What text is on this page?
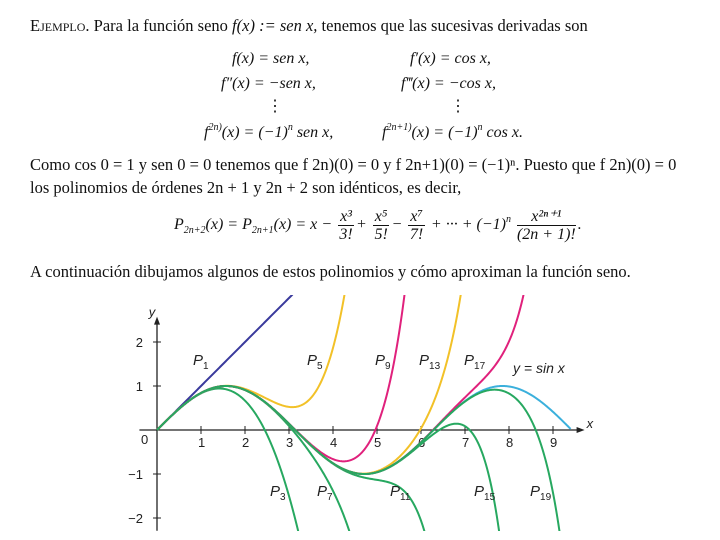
Ejemplo. Para la función seno f(x) := sen x, tenemos que las sucesivas derivadas son
f(x) = sen x,	f′(x) = cos x,
f″(x) = −sen x,	f‴(x) = −cos x,
⋮	⋮
$f^{2n)}(x) = (-1)^n$ sen x,	$f^{2n+1)}(x) = (-1)^n$ cos x.
Como cos 0 = 1 y sen 0 = 0 tenemos que f 2n)(0) = 0 y f 2n+1)(0) = (−1)ⁿ. Puesto que f 2n)(0) = 0
los polinomios de órdenes 2n + 1 y 2n + 2 son idénticos, es decir,
$P_{2n+2}(x) = P_{2n+1}(x) = x - \frac{\text{x³}}{3!} + \frac{\text{x⁵}}{5!} - \frac{\text{x⁷}}{7!}$ + ··· + $(-1)^n \frac{\text{x²ⁿ⁺¹}}{(2n + 1)!}$ .
A continuación dibujamos algunos de estos polinomios y cómo aproximan la función seno.
x
y
0	1	2	3	4	5	6	7	8	9
2
1
−1
−2
y = sin x
$P_1$
$P_3$
$P_5$
$P_7$
$P_9$
$P_{11}$
$P_{13}$
$P_{15}$
$P_{17}$
$P_{19}$
